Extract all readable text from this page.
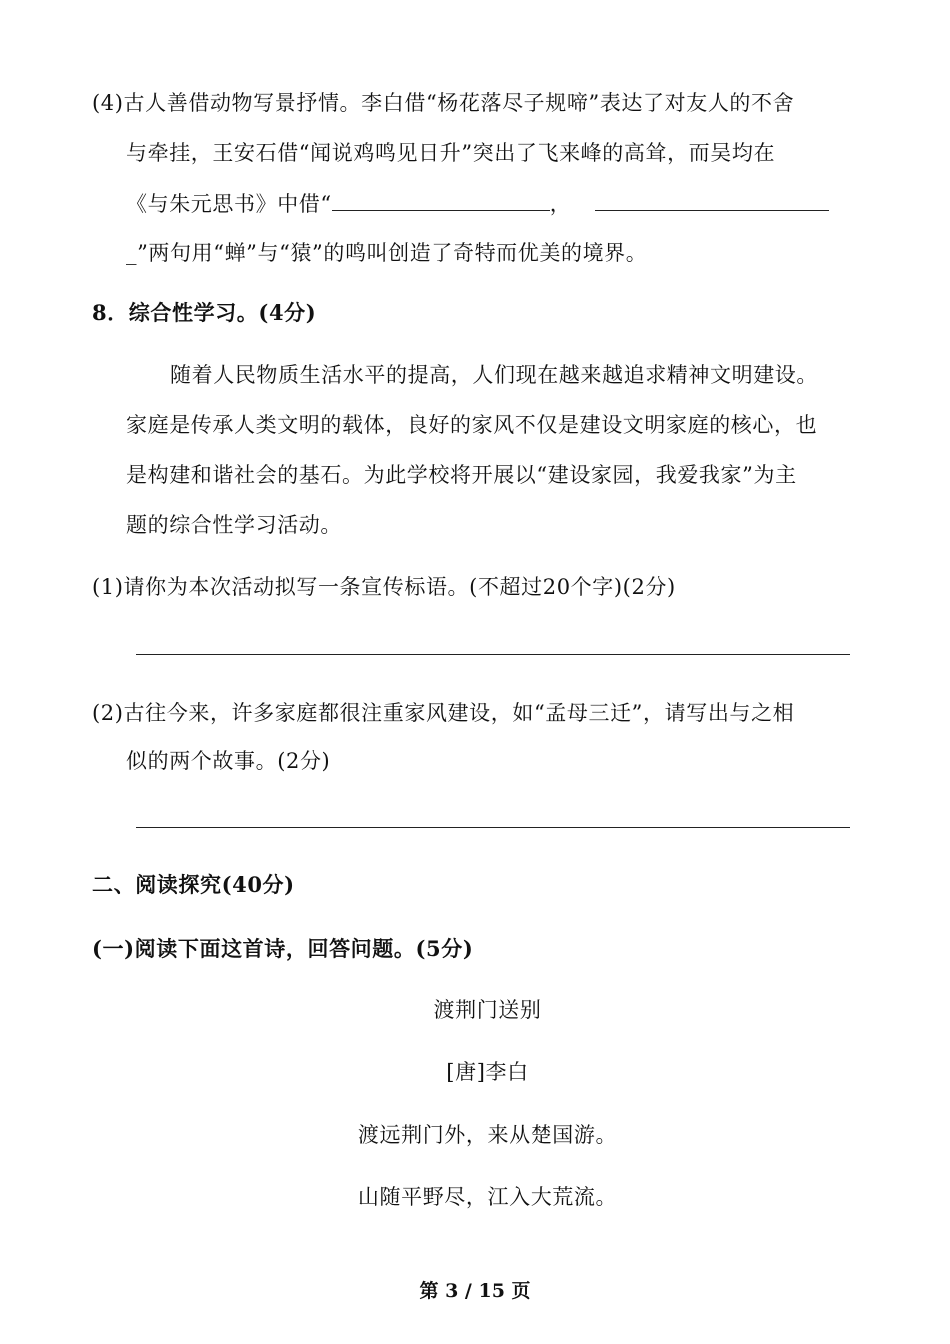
(4)古人善借动物写景抒情。李白借“杨花落尽子规啼”表达了对友人的不舍
与牵挂，王安石借“闻说鸡鸣见日升”突出了飞来峰的高耸，而吴均在
《与朱元思书》中借“	，
_”两句用“蝉”与“猿”的鸣叫创造了奇特而优美的境界。
8．综合性学习。(4分)
随着人民物质生活水平的提高，人们现在越来越追求精神文明建设。
家庭是传承人类文明的载体，良好的家风不仅是建设文明家庭的核心，也
是构建和谐社会的基石。为此学校将开展以“建设家园，我爱我家”为主
题的综合性学习活动。
(1)请你为本次活动拟写一条宣传标语。(不超过20个字)(2分)
(2)古往今来，许多家庭都很注重家风建设，如“孟母三迁”，请写出与之相
似的两个故事。(2分)
二、阅读探究(40分)
(一)阅读下面这首诗，回答问题。(5分)
渡荆门送别
[唐]李白
渡远荆门外，来从楚国游。
山随平野尽，江入大荒流。
第 3 / 15 页
